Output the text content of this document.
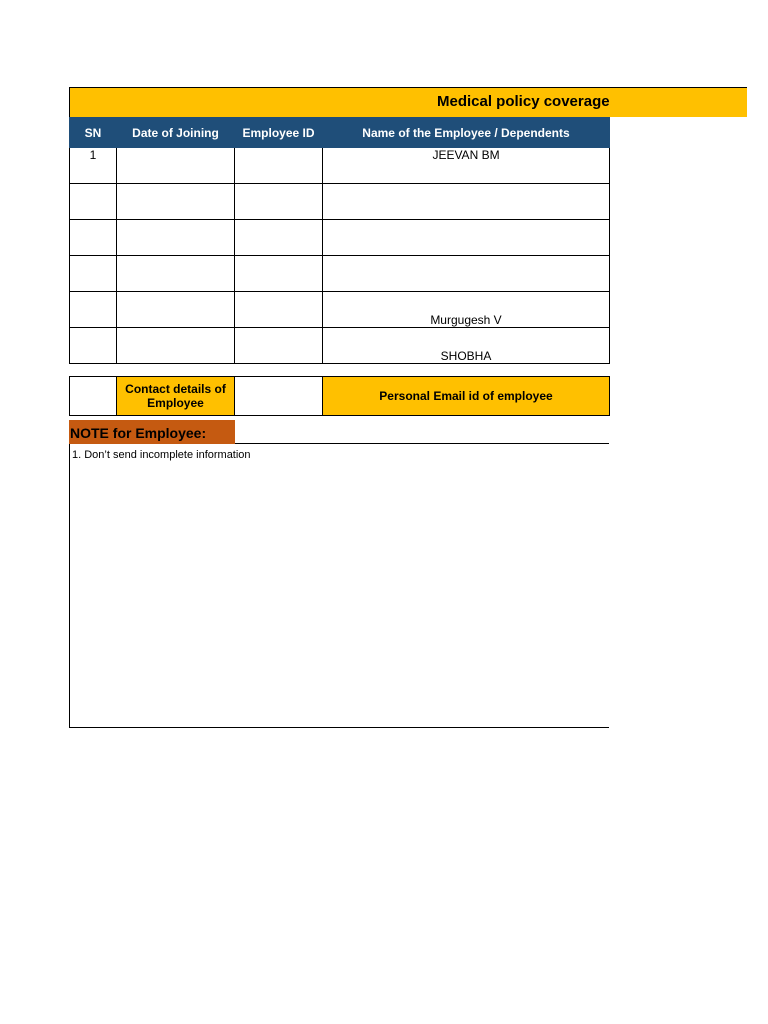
Medical policy coverage
SN	Date of Joining	Employee ID	Name of the Employee / Dependents
1			JEEVAN BM

			Murgugesh V
			SHOBHA
	Contact details of Employee		Personal Email id of employee
NOTE for Employee:
1. Don’t send incomplete information
